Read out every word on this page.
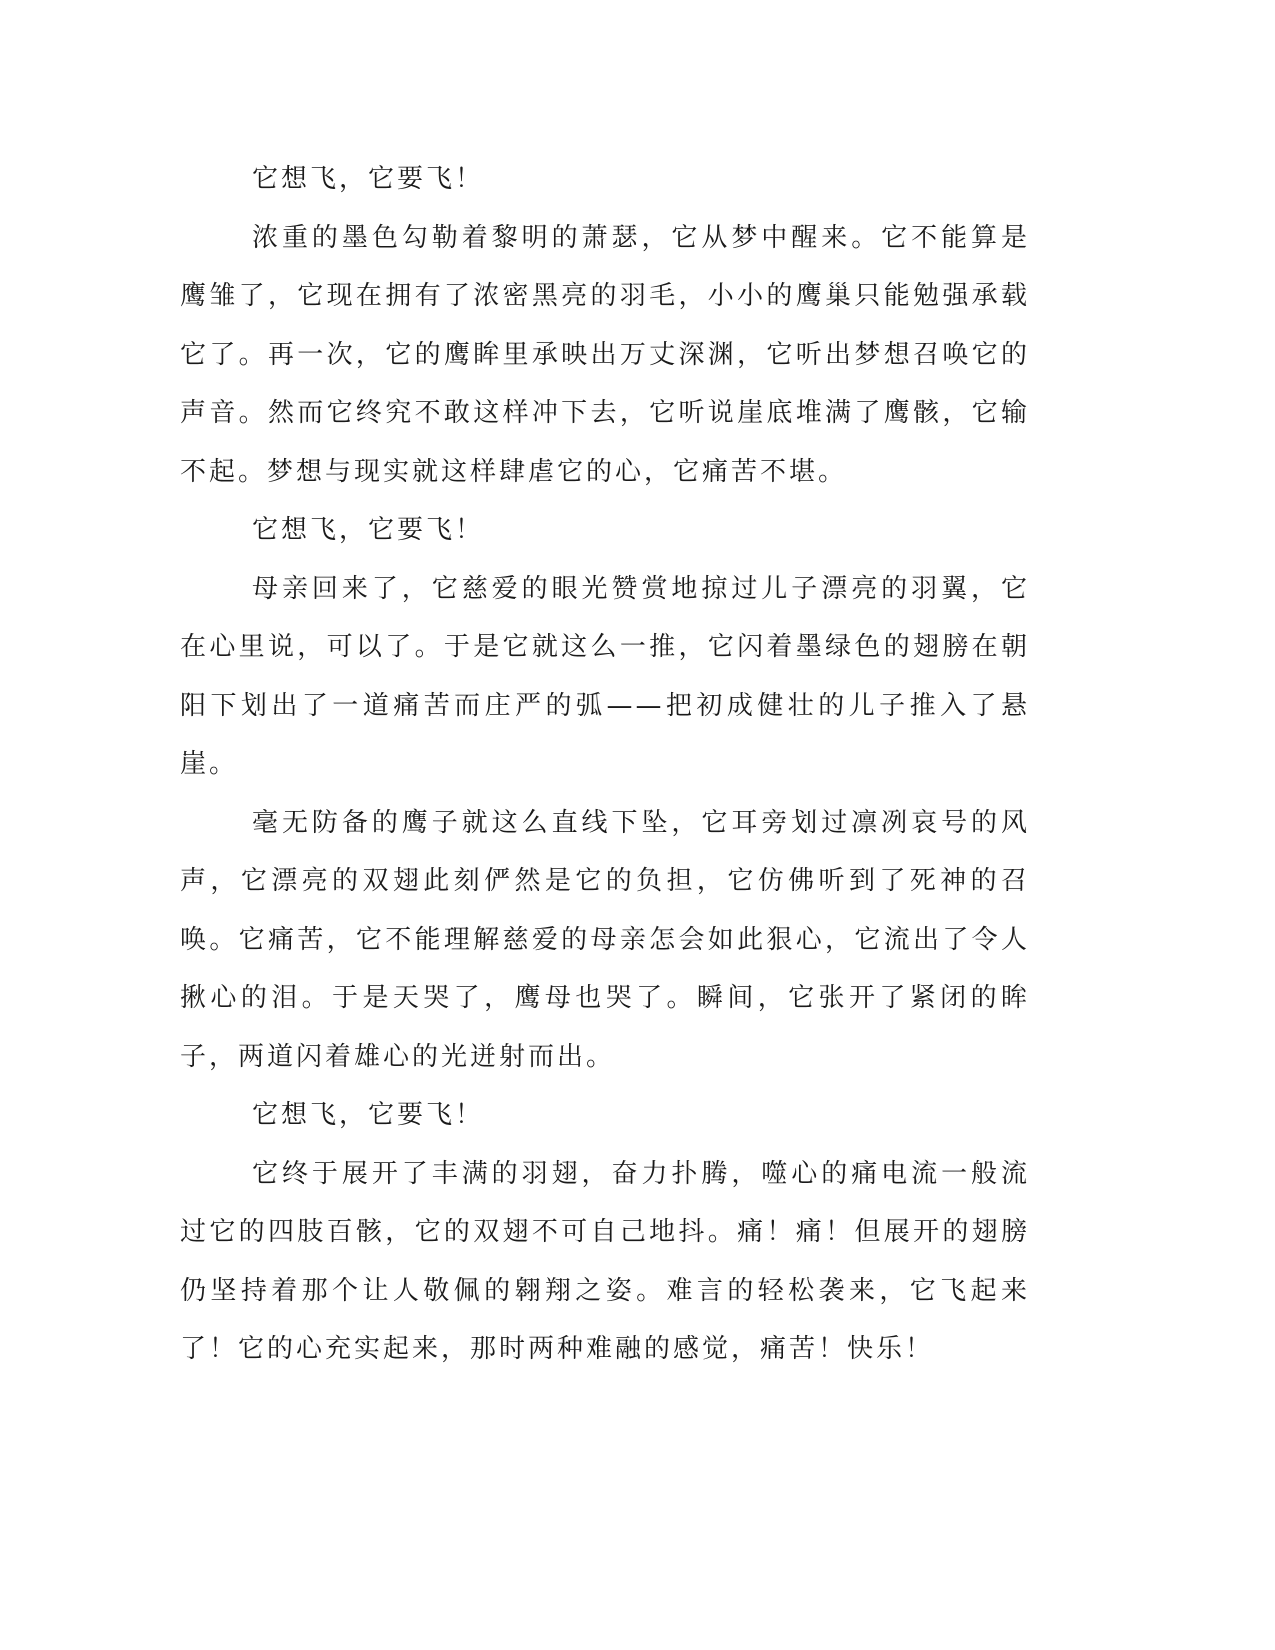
它想飞，它要飞！

浓重的墨色勾勒着黎明的萧瑟，它从梦中醒来。它不能算是鹰雏了，它现在拥有了浓密黑亮的羽毛，小小的鹰巢只能勉强承载它了。再一次，它的鹰眸里承映出万丈深渊，它听出梦想召唤它的声音。然而它终究不敢这样冲下去，它听说崖底堆满了鹰骸，它输不起。梦想与现实就这样肆虐它的心，它痛苦不堪。

它想飞，它要飞！

母亲回来了，它慈爱的眼光赞赏地掠过儿子漂亮的羽翼，它在心里说，可以了。于是它就这么一推，它闪着墨绿色的翅膀在朝阳下划出了一道痛苦而庄严的弧——把初成健壮的儿子推入了悬崖。

毫无防备的鹰子就这么直线下坠，它耳旁划过凛冽哀号的风声，它漂亮的双翅此刻俨然是它的负担，它仿佛听到了死神的召唤。它痛苦，它不能理解慈爱的母亲怎会如此狠心，它流出了令人揪心的泪。于是天哭了，鹰母也哭了。瞬间，它张开了紧闭的眸子，两道闪着雄心的光迸射而出。

它想飞，它要飞！

它终于展开了丰满的羽翅，奋力扑腾，噬心的痛电流一般流过它的四肢百骸，它的双翅不可自己地抖。痛！痛！但展开的翅膀仍坚持着那个让人敬佩的翱翔之姿。难言的轻松袭来，它飞起来了！它的心充实起来，那时两种难融的感觉，痛苦！快乐！
